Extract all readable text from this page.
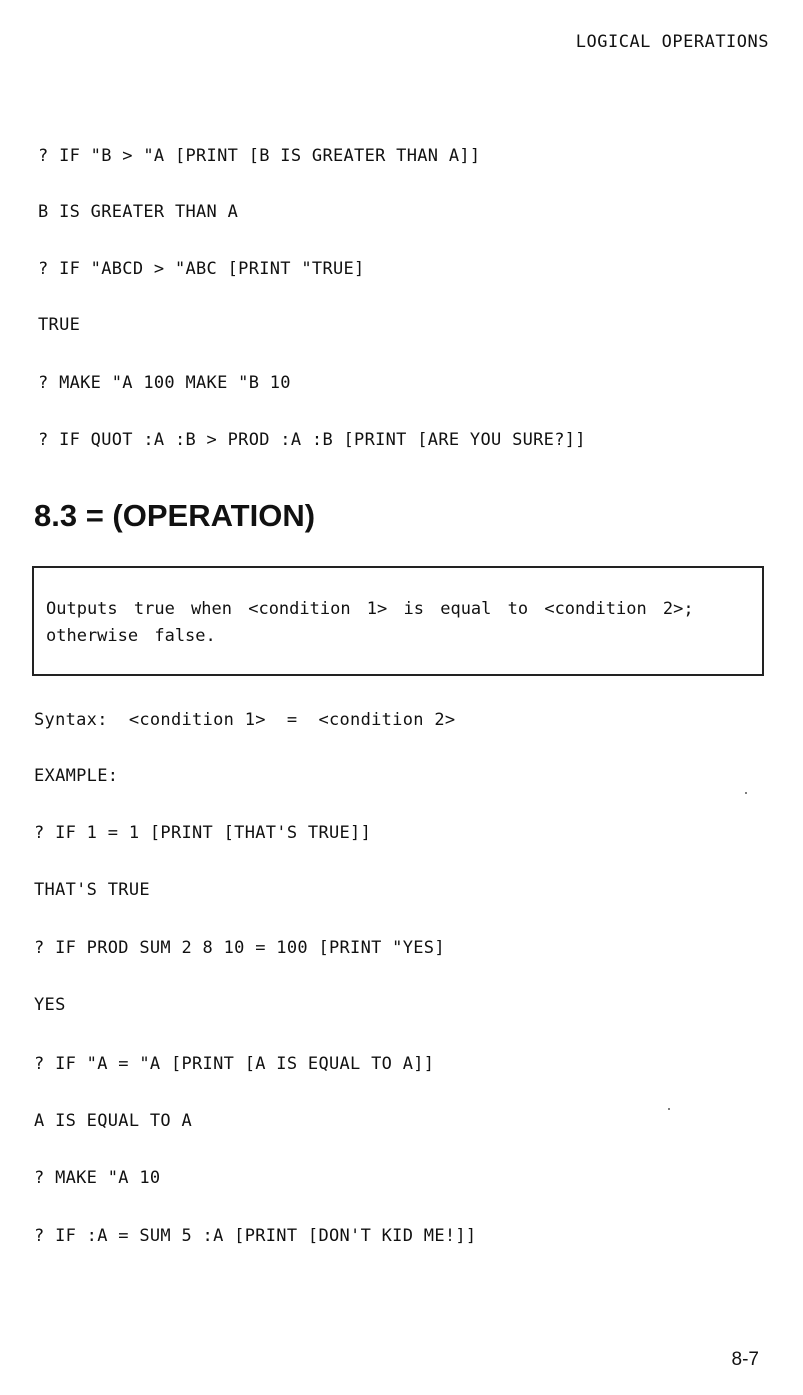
LOGICAL OPERATIONS
? IF "B > "A [PRINT [B IS GREATER THAN A]]
B IS GREATER THAN A
? IF "ABCD > "ABC [PRINT "TRUE]
TRUE
? MAKE "A 100 MAKE "B 10
? IF QUOT :A :B > PROD :A :B [PRINT [ARE YOU SURE?]]
8.3 = (OPERATION)
Outputs true when <condition 1> is equal to <condition 2>; otherwise false.
Syntax:  <condition 1>  =  <condition 2>
EXAMPLE:
? IF 1 = 1 [PRINT [THAT'S TRUE]]
THAT'S TRUE
? IF PROD SUM 2 8 10 = 100 [PRINT "YES]
YES
? IF "A = "A [PRINT [A IS EQUAL TO A]]
A IS EQUAL TO A
? MAKE "A 10
? IF :A = SUM 5 :A [PRINT [DON'T KID ME!]]
8-7
